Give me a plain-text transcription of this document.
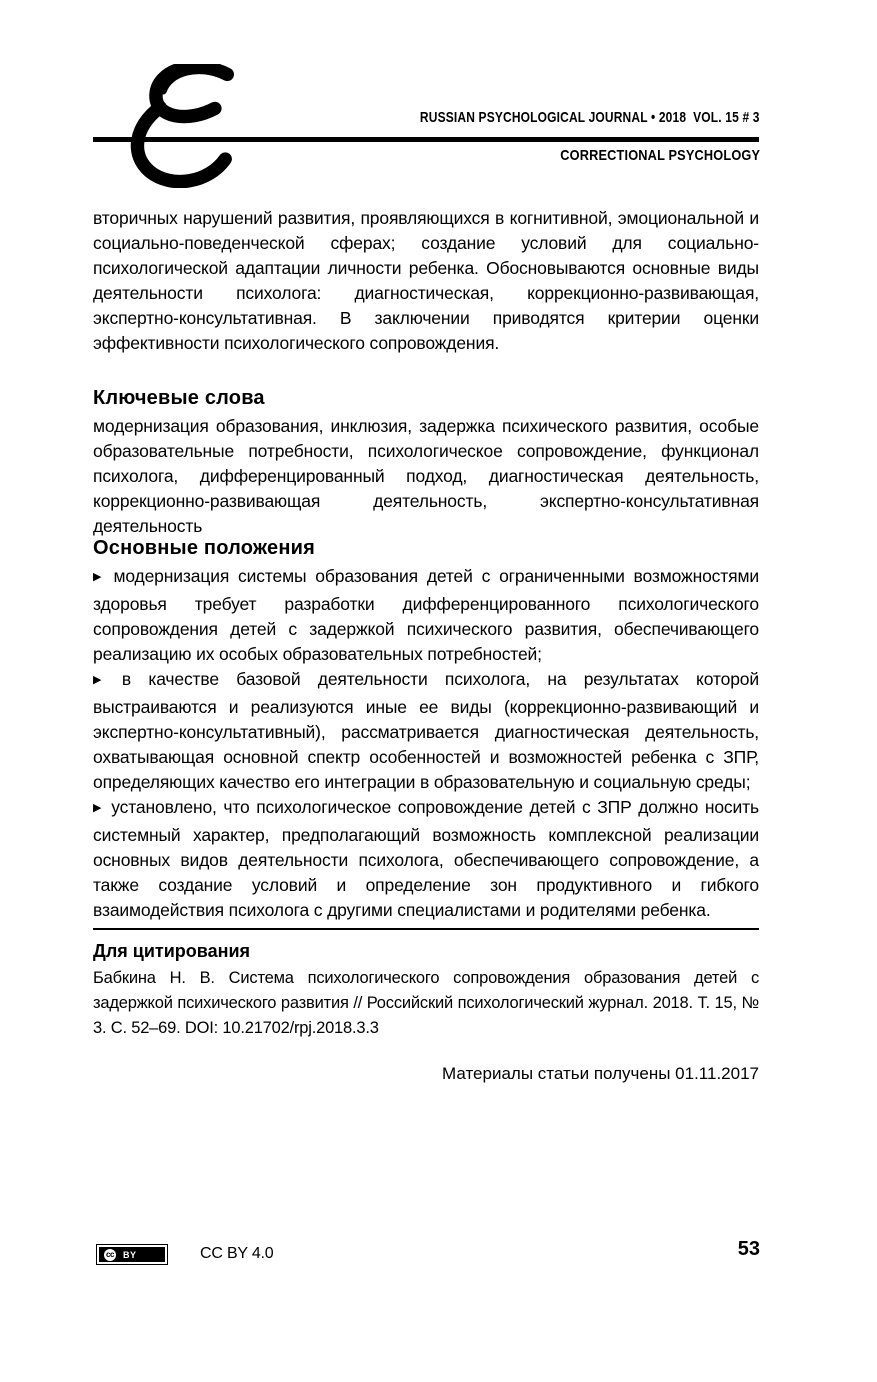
RUSSIAN PSYCHOLOGICAL JOURNAL • 2018  VOL. 15 # 3
CORRECTIONAL PSYCHOLOGY

вторичных нарушений развития, проявляющихся в когнитивной, эмоциональной и социально-поведенческой сферах; создание условий для социально-психологической адаптации личности ребенка. Обосновываются основные виды деятельности психолога: диагностическая, коррекционно-развивающая, экспертно-консультативная. В заключении приводятся критерии оценки эффективности психологического сопровождения.

Ключевые слова

модернизация образования, инклюзия, задержка психического развития, особые образовательные потребности, психологическое сопровождение, функционал психолога, дифференцированный подход, диагностическая деятельность, коррекционно-развивающая деятельность, экспертно-консультативная деятельность

Основные положения

▶ модернизация системы образования детей с ограниченными возможностями здоровья требует разработки дифференцированного психологического сопровождения детей с задержкой психического развития, обеспечивающего реализацию их особых образовательных потребностей;

▶ в качестве базовой деятельности психолога, на результатах которой выстраиваются и реализуются иные ее виды (коррекционно-развивающий и экспертно-консультативный), рассматривается диагностическая деятельность, охватывающая основной спектр особенностей и возможностей ребенка с ЗПР, определяющих качество его интеграции в образовательную и социальную среды;

▶ установлено, что психологическое сопровождение детей с ЗПР должно носить системный характер, предполагающий возможность комплексной реализации основных видов деятельности психолога, обеспечивающего сопровождение, а также создание условий и определение зон продуктивного и гибкого взаимодействия психолога с другими специалистами и родителями ребенка.

Для цитирования

Бабкина Н. В. Система психологического сопровождения образования детей с задержкой психического развития // Российский психологический журнал. 2018. Т. 15, № 3. С. 52–69. DOI: 10.21702/rpj.2018.3.3

Материалы статьи получены 01.11.2017

cc BY	CC BY 4.0	53
